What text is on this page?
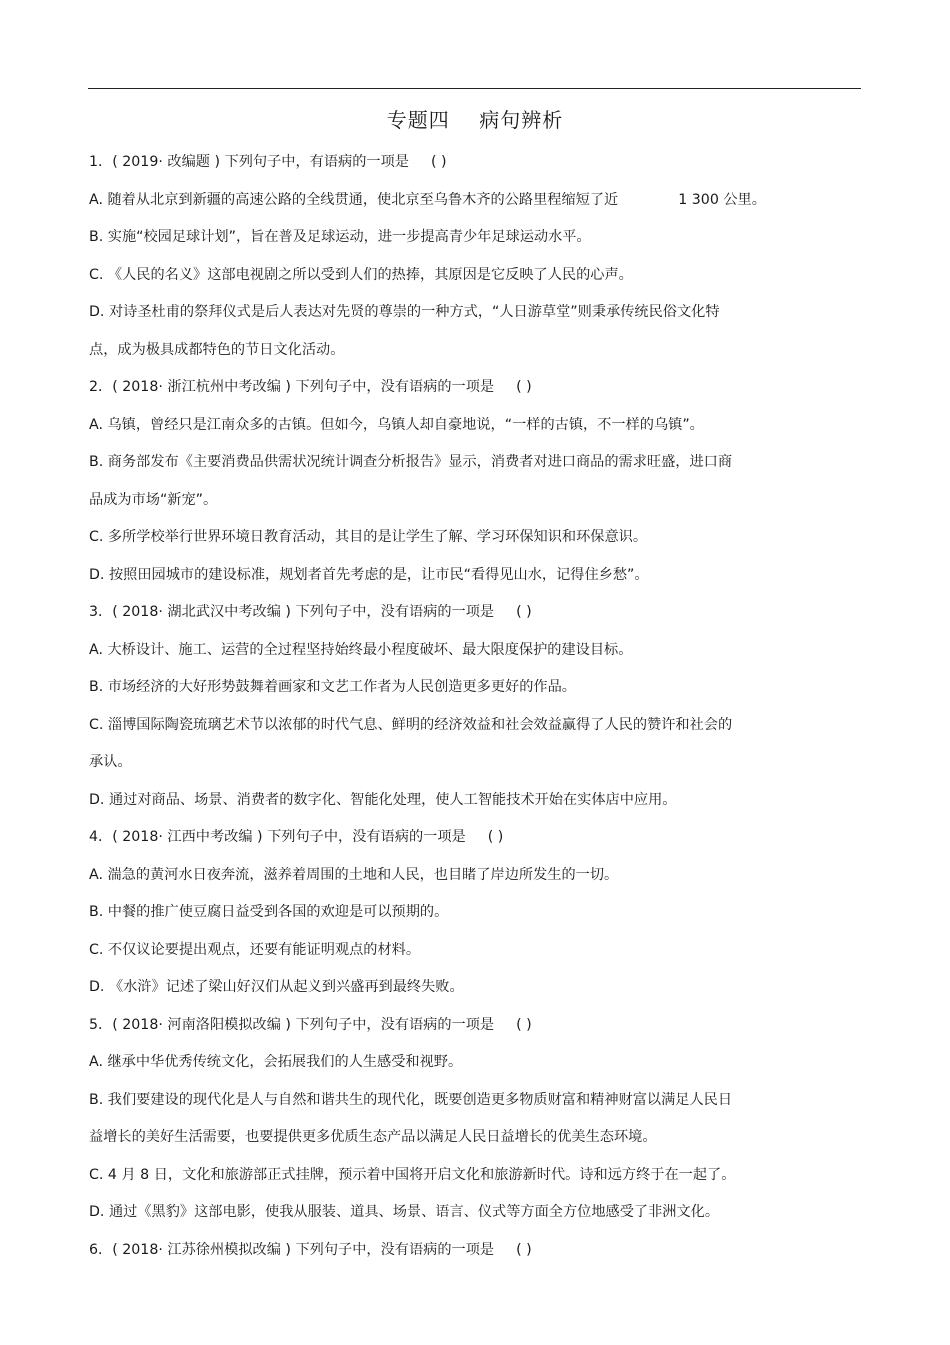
专题四    病句辨析
1．( 2019· 改编题 ) 下列句子中，有语病的一项是 ( )
A. 随着从北京到新疆的高速公路的全线贯通，使北京至乌鲁木齐的公路里程缩短了近	1 300 公里。
B. 实施“校园足球计划”，旨在普及足球运动，进一步提高青少年足球运动水平。
C. 《人民的名义》这部电视剧之所以受到人们的热捧，其原因是它反映了人民的心声。
D. 对诗圣杜甫的祭拜仪式是后人表达对先贤的尊崇的一种方式，“人日游草堂”则秉承传统民俗文化特
点，成为极具成都特色的节日文化活动。
2．( 2018· 浙江杭州中考改编 ) 下列句子中，没有语病的一项是 ( )
A. 乌镇，曾经只是江南众多的古镇。但如今，乌镇人却自豪地说，“一样的古镇，不一样的乌镇”。
B. 商务部发布《主要消费品供需状况统计调查分析报告》显示，消费者对进口商品的需求旺盛，进口商
品成为市场“新宠”。
C. 多所学校举行世界环境日教育活动，其目的是让学生了解、学习环保知识和环保意识。
D. 按照田园城市的建设标准，规划者首先考虑的是，让市民“看得见山水，记得住乡愁”。
3．( 2018· 湖北武汉中考改编 ) 下列句子中，没有语病的一项是 ( )
A. 大桥设计、施工、运营的全过程坚持始终最小程度破坏、最大限度保护的建设目标。
B. 市场经济的大好形势鼓舞着画家和文艺工作者为人民创造更多更好的作品。
C. 淄博国际陶瓷琉璃艺术节以浓郁的时代气息、鲜明的经济效益和社会效益赢得了人民的赞许和社会的
承认。
D. 通过对商品、场景、消费者的数字化、智能化处理，使人工智能技术开始在实体店中应用。
4．( 2018· 江西中考改编 ) 下列句子中，没有语病的一项是 ( )
A. 湍急的黄河水日夜奔流，滋养着周围的土地和人民，也目睹了岸边所发生的一切。
B. 中餐的推广使豆腐日益受到各国的欢迎是可以预期的。
C. 不仅议论要提出观点，还要有能证明观点的材料。
D. 《水浒》记述了梁山好汉们从起义到兴盛再到最终失败。
5．( 2018· 河南洛阳模拟改编 ) 下列句子中，没有语病的一项是 ( )
A. 继承中华优秀传统文化，会拓展我们的人生感受和视野。
B. 我们要建设的现代化是人与自然和谐共生的现代化，既要创造更多物质财富和精神财富以满足人民日
益增长的美好生活需要，也要提供更多优质生态产品以满足人民日益增长的优美生态环境。
C. 4 月 8 日，文化和旅游部正式挂牌，预示着中国将开启文化和旅游新时代。诗和远方终于在一起了。
D. 通过《黑豹》这部电影，使我从服装、道具、场景、语言、仪式等方面全方位地感受了非洲文化。
6．( 2018· 江苏徐州模拟改编 ) 下列句子中，没有语病的一项是 ( )
